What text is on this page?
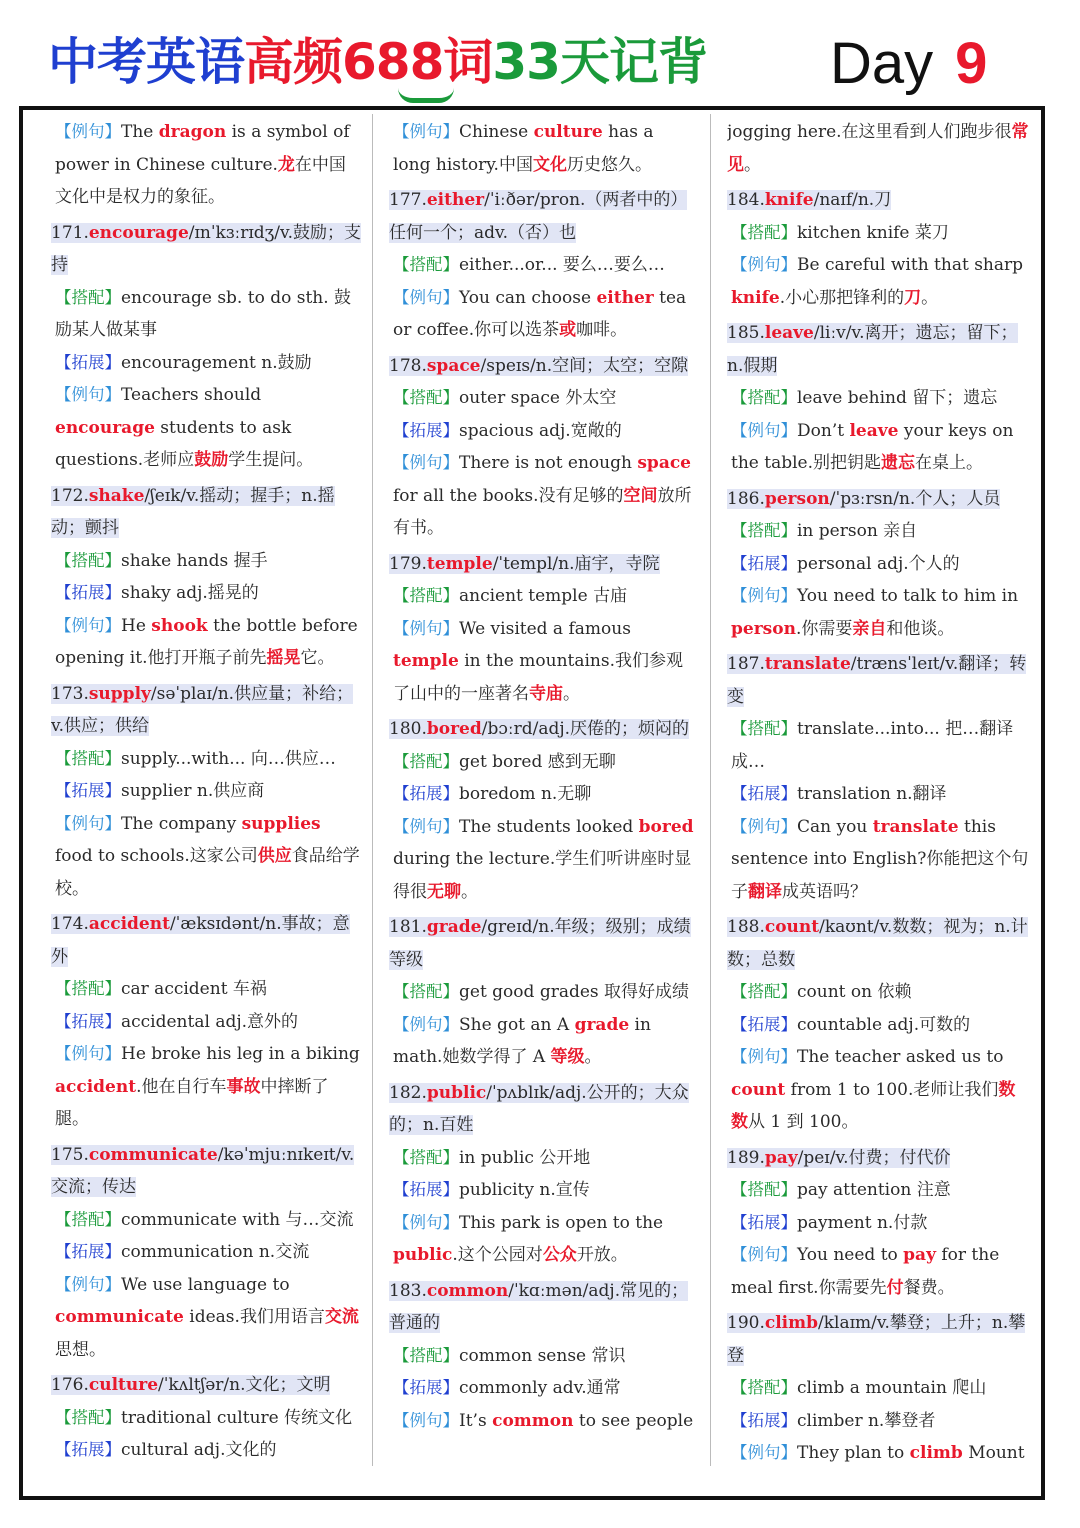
中考英语高频688词33天记背 Day 9
【例句】The dragon is a symbol of power in Chinese culture.龙在中国文化中是权力的象征。
171.encourage/ɪnˈkɜːrɪdʒ/v.鼓励；支持
【搭配】encourage sb. to do sth. 鼓励某人做某事
【拓展】encouragement n.鼓励
【例句】Teachers should encourage students to ask questions.老师应鼓励学生提问。
172.shake/ʃeɪk/v.摇动；握手；n.摇动；颤抖
【搭配】shake hands 握手
【拓展】shaky adj.摇晃的
【例句】He shook the bottle before opening it.他打开瓶子前先摇晃它。
173.supply/səˈplaɪ/n.供应量；补给；v.供应；供给
【搭配】supply...with... 向…供应…
【拓展】supplier n.供应商
【例句】The company supplies food to schools.这家公司供应食品给学校。
174.accident/ˈæksɪdənt/n.事故；意外
【搭配】car accident 车祸
【拓展】accidental adj.意外的
【例句】He broke his leg in a biking accident.他在自行车事故中摔断了腿。
175.communicate/kəˈmjuːnɪkeɪt/v.交流；传达
【搭配】communicate with 与…交流
【拓展】communication n.交流
【例句】We use language to communicate ideas.我们用语言交流思想。
176.culture/ˈkʌltʃər/n.文化；文明
【搭配】traditional culture 传统文化
【拓展】cultural adj.文化的
【例句】Chinese culture has a long history.中国文化历史悠久。
177.either/ˈiːðər/pron.（两者中的）任何一个；adv.（否）也
【搭配】either...or... 要么…要么…
【例句】You can choose either tea or coffee.你可以选茶或咖啡。
178.space/speɪs/n.空间；太空；空隙
【搭配】outer space 外太空
【拓展】spacious adj.宽敞的
【例句】There is not enough space for all the books.没有足够的空间放所有书。
179.temple/ˈtempl/n.庙宇，寺院
【搭配】ancient temple 古庙
【例句】We visited a famous temple in the mountains.我们参观了山中的一座著名寺庙。
180.bored/bɔːrd/adj.厌倦的；烦闷的
【搭配】get bored 感到无聊
【拓展】boredom n.无聊
【例句】The students looked bored during the lecture.学生们听讲座时显得很无聊。
181.grade/greɪd/n.年级；级别；成绩等级
【搭配】get good grades 取得好成绩
【例句】She got an A grade in math.她数学得了 A 等级。
182.public/ˈpʌblɪk/adj.公开的；大众的；n.百姓
【搭配】in public 公开地
【拓展】publicity n.宣传
【例句】This park is open to the public.这个公园对公众开放。
183.common/ˈkɑːmən/adj.常见的；普通的
【搭配】common sense 常识
【拓展】commonly adv.通常
【例句】It’s common to see people
jogging here.在这里看到人们跑步很常见。
184.knife/naɪf/n.刀
【搭配】kitchen knife 菜刀
【例句】Be careful with that sharp knife.小心那把锋利的刀。
185.leave/liːv/v.离开；遗忘；留下；n.假期
【搭配】leave behind 留下；遗忘
【例句】Don’t leave your keys on the table.别把钥匙遗忘在桌上。
186.person/ˈpɜːrsn/n.个人；人员
【搭配】in person 亲自
【拓展】personal adj.个人的
【例句】You need to talk to him in person.你需要亲自和他谈。
187.translate/trænsˈleɪt/v.翻译；转变
【搭配】translate...into... 把…翻译成…
【拓展】translation n.翻译
【例句】Can you translate this sentence into English?你能把这个句子翻译成英语吗？
188.count/kaʊnt/v.数数；视为；n.计数；总数
【搭配】count on 依赖
【拓展】countable adj.可数的
【例句】The teacher asked us to count from 1 to 100.老师让我们数数从 1 到 100。
189.pay/peɪ/v.付费；付代价
【搭配】pay attention 注意
【拓展】payment n.付款
【例句】You need to pay for the meal first.你需要先付餐费。
190.climb/klaɪm/v.攀登；上升；n.攀登
【搭配】climb a mountain 爬山
【拓展】climber n.攀登者
【例句】They plan to climb Mount
